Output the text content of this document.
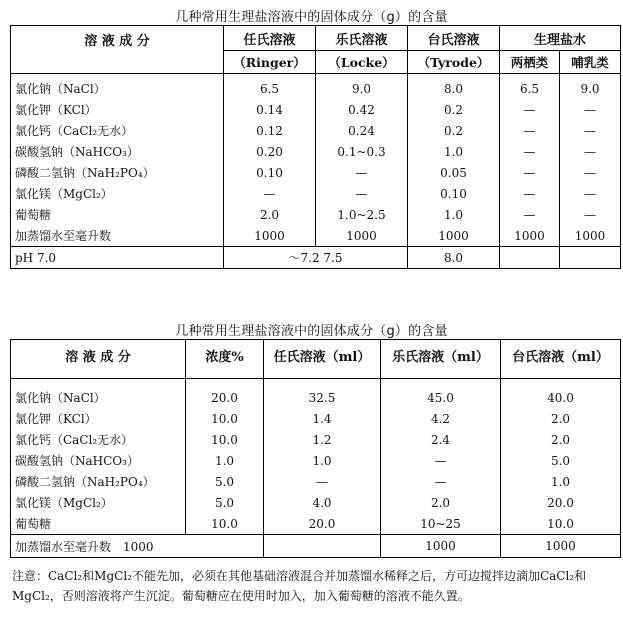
几种常用生理盐溶液中的固体成分（g）的含量
溶 液 成 分	任氏溶液	乐氏溶液	台氏溶液	生理盐水	
	（Ringer）	（Locke）	（Tyrode）	两栖类	哺乳类
氯化钠（NaCl）	6.5	9.0	8.0	6.5	9.0
氯化钾（KCl）	0.14	0.42	0.2	—	—
氯化钙（CaCl₂无水）	0.12	0.24	0.2	—	—
碳酸氢钠（NaHCO₃）	0.20	0.1~0.3	1.0	—	—
磷酸二氢钠（NaH₂PO₄）	0.10	—	0.05	—	—
氯化镁（MgCl₂）	—	—	0.10	—	—
葡萄糖	2.0	1.0~2.5	1.0	—	—
加蒸馏水至毫升数	1000	1000	1000	1000	1000
pH 7.0	～7.2 7.5		8.0		
几种常用生理盐溶液中的固体成分（g）的含量
溶 液 成 分	浓度%	任氏溶液（ml）	乐氏溶液（ml）	台氏溶液（ml）
氯化钠（NaCl）	20.0	32.5	45.0	40.0
氯化钾（KCl）	10.0	1.4	4.2	2.0
氯化钙（CaCl₂无水）	10.0	1.2	2.4	2.0
碳酸氢钠（NaHCO₃）	1.0	1.0	—	5.0
磷酸二氢钠（NaH₂PO₄）	5.0	—	—	1.0
氯化镁（MgCl₂）	5.0	4.0	2.0	20.0
葡萄糖	10.0	20.0	10~25	10.0
加蒸馏水至毫升数　1000			1000	1000
注意：CaCl₂和MgCl₂不能先加，必须在其他基础溶液混合并加蒸馏水稀释之后，方可边搅拌边滴加CaCl₂和MgCl₂，否则溶液将产生沉淀。葡萄糖应在使用时加入，加入葡萄糖的溶液不能久置。
